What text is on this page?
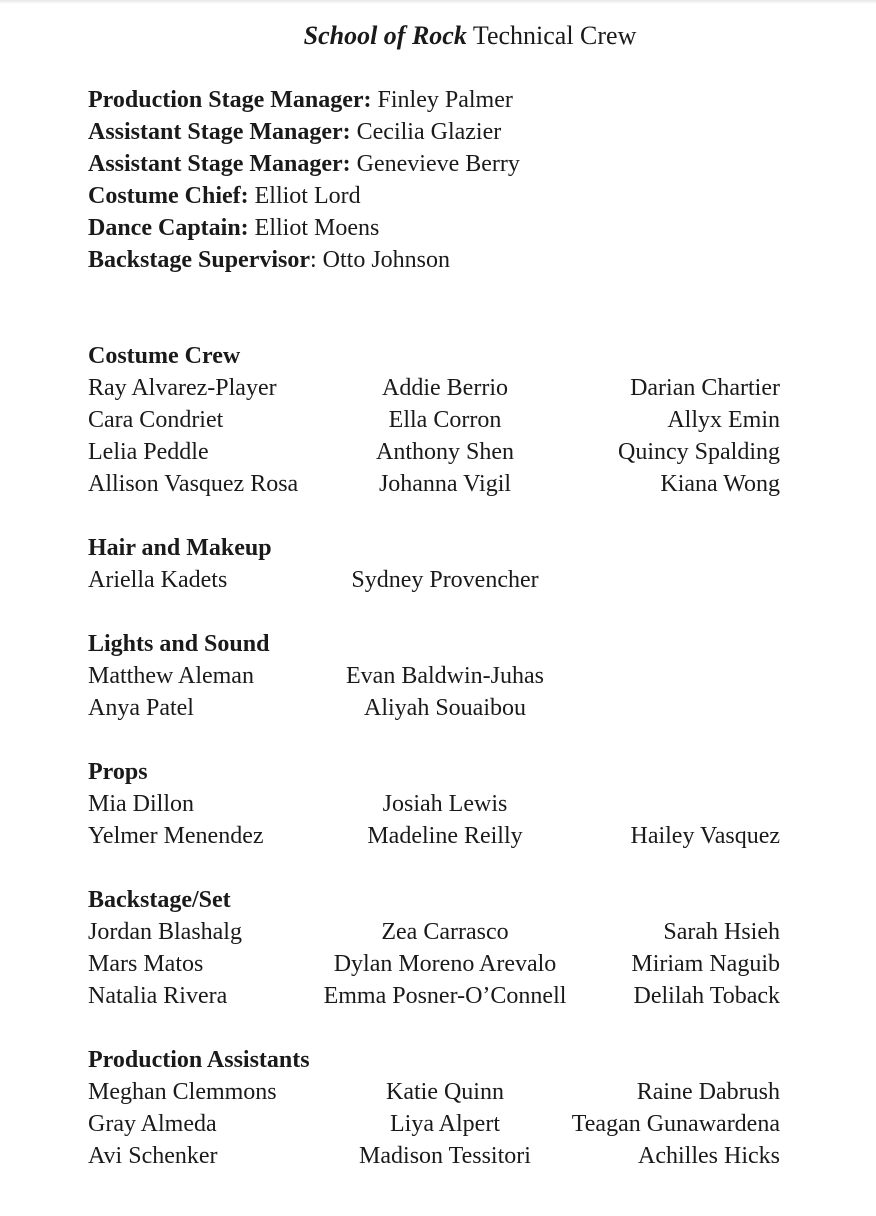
School of Rock Technical Crew
Production Stage Manager: Finley Palmer
Assistant Stage Manager: Cecilia Glazier
Assistant Stage Manager: Genevieve Berry
Costume Chief: Elliot Lord
Dance Captain: Elliot Moens
Backstage Supervisor: Otto Johnson
Costume Crew
Ray Alvarez-Player	Addie Berrio	Darian Chartier
Cara Condriet	Ella Corron	Allyx Emin
Lelia Peddle	Anthony Shen	Quincy Spalding
Allison Vasquez Rosa	Johanna Vigil	Kiana Wong
Hair and Makeup
Ariella Kadets	Sydney Provencher
Lights and Sound
Matthew Aleman	Evan Baldwin-Juhas
Anya Patel	Aliyah Souaibou
Props
Mia Dillon	Josiah Lewis
Yelmer Menendez	Madeline Reilly	Hailey Vasquez
Backstage/Set
Jordan Blashalg	Zea Carrasco	Sarah Hsieh
Mars Matos	Dylan Moreno Arevalo	Miriam Naguib
Natalia Rivera	Emma Posner-O’Connell	Delilah Toback
Production Assistants
Meghan Clemmons	Katie Quinn	Raine Dabrush
Gray Almeda	Liya Alpert	Teagan Gunawardena
Avi Schenker	Madison Tessitori	Achilles Hicks
